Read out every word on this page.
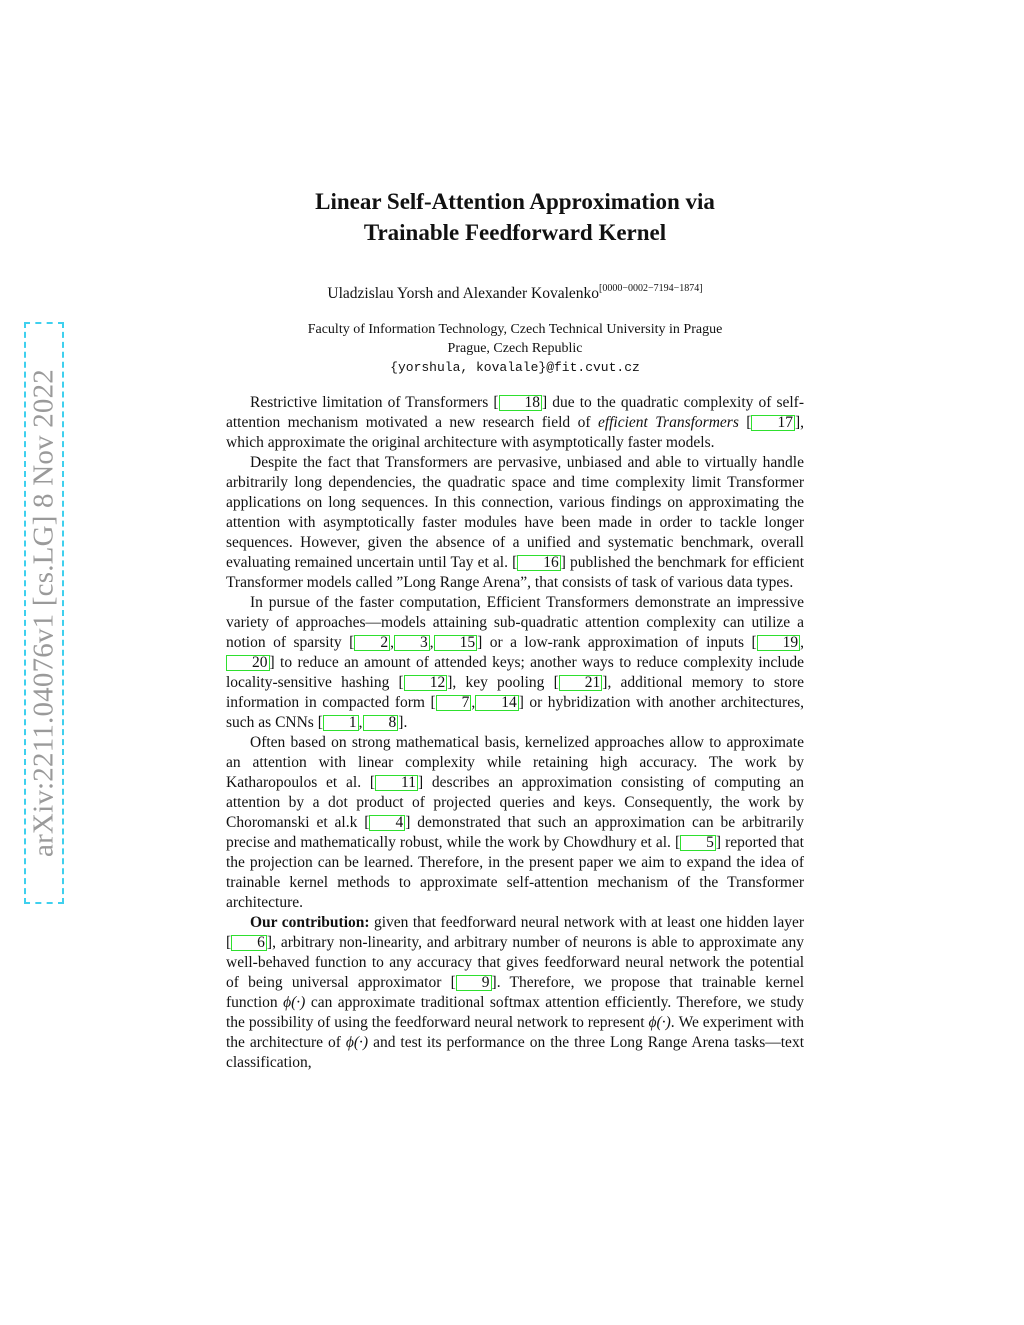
arXiv:2211.04076v1 [cs.LG] 8 Nov 2022
Linear Self-Attention Approximation via
Trainable Feedforward Kernel
Uladzislau Yorsh and Alexander Kovalenko[0000−0002−7194−1874]
Faculty of Information Technology, Czech Technical University in Prague
Prague, Czech Republic
{yorshula, kovalale}@fit.cvut.cz

Restrictive limitation of Transformers [ 18 ] due to the quadratic complexity of self-attention mechanism motivated a new research field of efficient Transformers [ 17 ], which approximate the original architecture with asymptotically faster models.

Despite the fact that Transformers are pervasive, unbiased and able to virtually handle arbitrarily long dependencies, the quadratic space and time complexity limit Transformer applications on long sequences. In this connection, various findings on approximating the attention with asymptotically faster modules have been made in order to tackle longer sequences. However, given the absence of a unified and systematic benchmark, overall evaluating remained uncertain until Tay et al. [ 16 ] published the benchmark for efficient Transformer models called ”Long Range Arena”, that consists of task of various data types.

In pursue of the faster computation, Efficient Transformers demonstrate an impressive variety of approaches—models attaining sub-quadratic attention complexity can utilize a notion of sparsity [ 2 , 3 , 15 ] or a low-rank approximation of inputs [ 19 ,20 ] to reduce an amount of attended keys; another ways to reduce complexity include locality-sensitive hashing [ 12 ], key pooling [ 21 ], additional memory to store information in compacted form [ 7 , 14 ] or hybridization with another architectures, such as CNNs [ 1 , 8 ].

Often based on strong mathematical basis, kernelized approaches allow to approximate an attention with linear complexity while retaining high accuracy. The work by Katharopoulos et al. [ 11 ] describes an approximation consisting of computing an attention by a dot product of projected queries and keys. Consequently, the work by Choromanski et al.k [ 4 ] demonstrated that such an approximation can be arbitrarily precise and mathematically robust, while the work by Chowdhury et al. [ 5 ] reported that the projection can be learned. Therefore, in the present paper we aim to expand the idea of trainable kernel methods to approximate self-attention mechanism of the Transformer architecture.

Our contribution: given that feedforward neural network with at least one hidden layer [ 6 ], arbitrary non-linearity, and arbitrary number of neurons is able to approximate any well-behaved function to any accuracy that gives feedforward neural network the potential of being universal approximator [ 9 ]. Therefore, we propose that trainable kernel function ϕ(·) can approximate traditional softmax attention efficiently. Therefore, we study the possibility of using the feedforward neural network to represent ϕ(·). We experiment with the architecture of ϕ(·) and test its performance on the three Long Range Arena tasks—text classification,
